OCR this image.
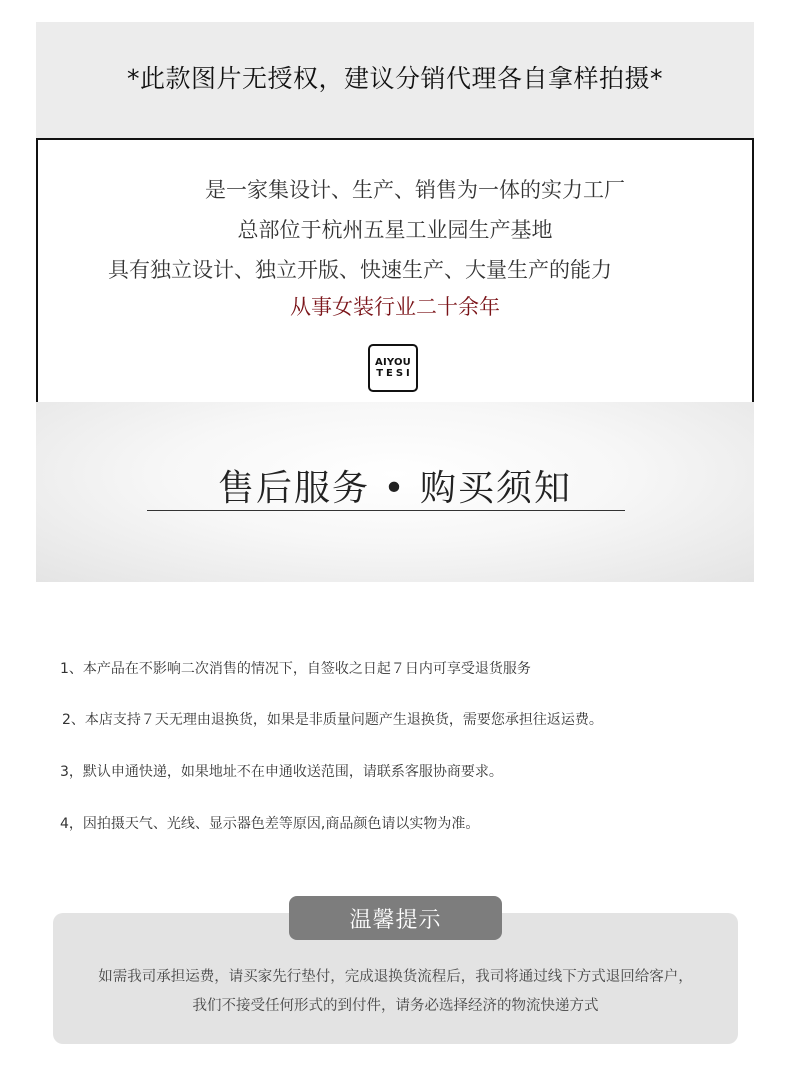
*此款图片无授权，建议分销代理各自拿样拍摄*
是一家集设计、生产、销售为一体的实力工厂
总部位于杭州五星工业园生产基地
具有独立设计、独立开版、快速生产、大量生产的能力
从事女装行业二十余年
AIYOU
TESI
售后服务 • 购买须知
1、本产品在不影响二次消售的情况下，自签收之日起７日内可享受退货服务
2、本店支持７天无理由退换货，如果是非质量问题产生退换货，需要您承担往返运费。
3，默认申通快递，如果地址不在申通收送范围，请联系客服协商要求。
4，因拍摄天气、光线、显示器色差等原因,商品颜色请以实物为准。
温馨提示
如需我司承担运费，请买家先行垫付，完成退换货流程后，我司将通过线下方式退回给客户，
我们不接受任何形式的到付件，请务必选择经济的物流快递方式
